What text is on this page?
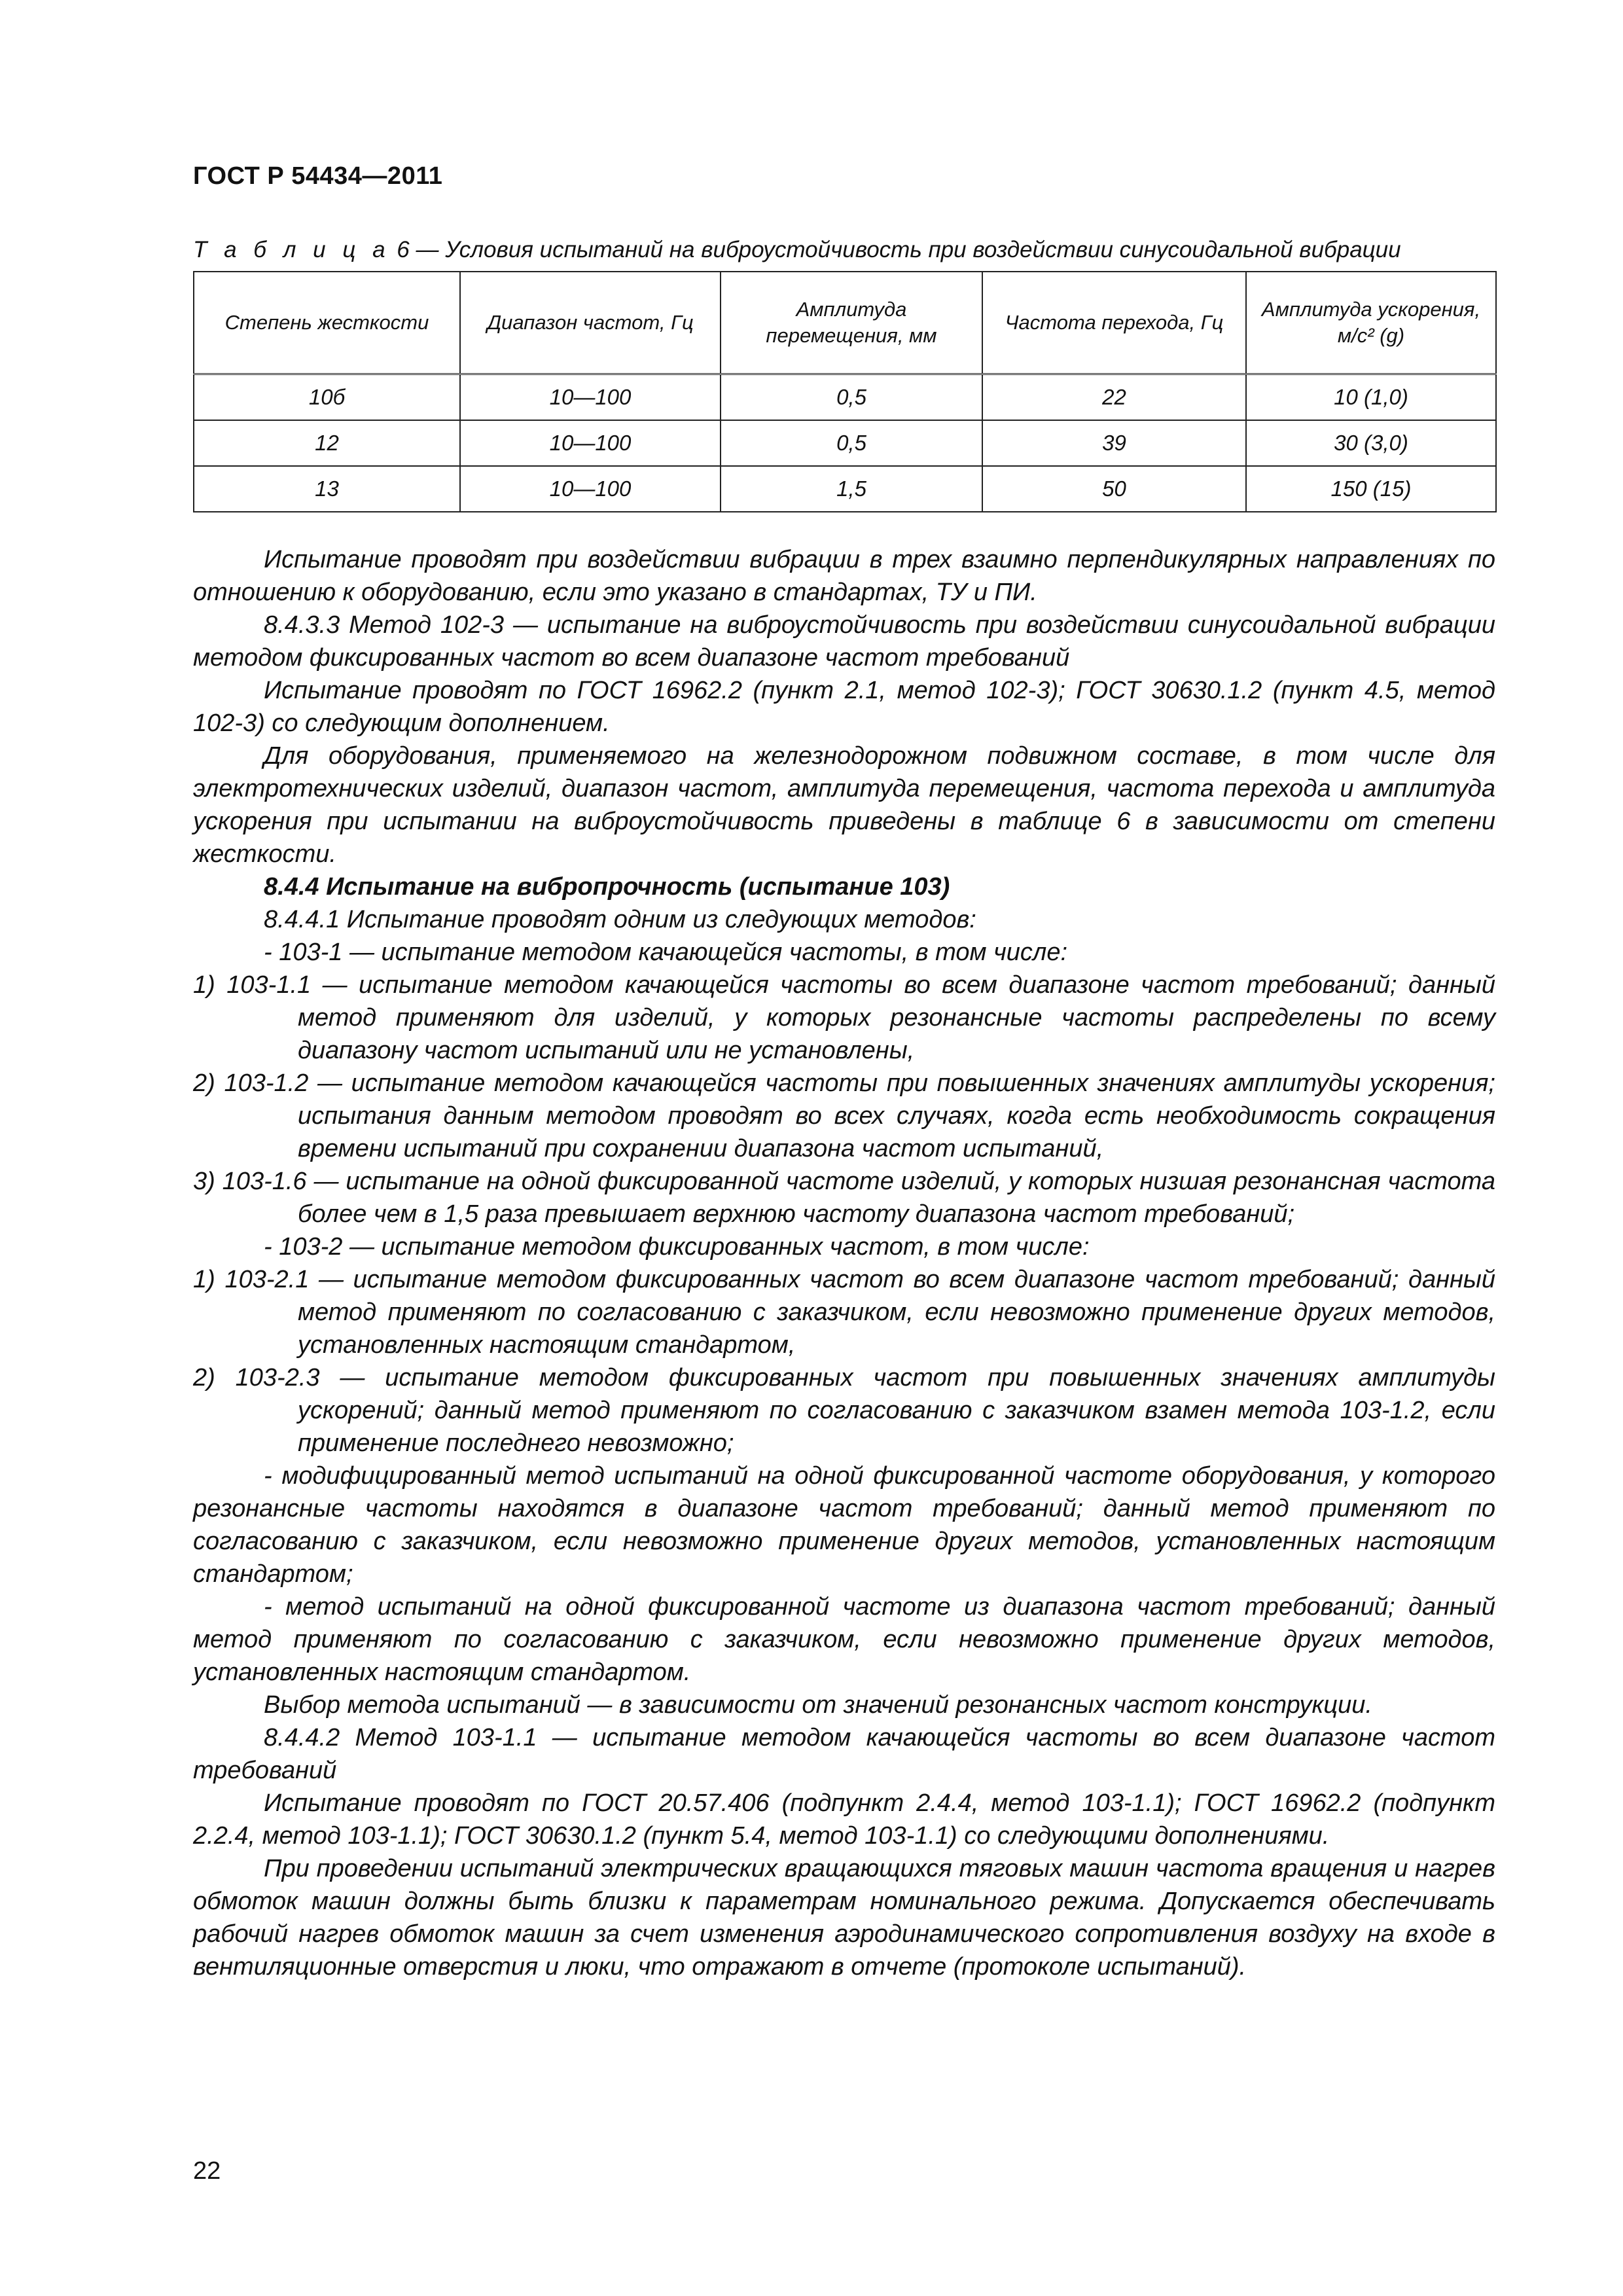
ГОСТ Р 54434—2011
Т а б л и ц а 6 — Условия испытаний на виброустойчивость при воздействии синусоидальной вибрации
Степень жесткости	Диапазон частот, Гц	Амплитуда перемещения, мм	Частота перехода, Гц	Амплитуда ускорения, м/с² (g)
10б	10—100	0,5	22	10 (1,0)
12	10—100	0,5	39	30 (3,0)
13	10—100	1,5	50	150 (15)

Испытание проводят при воздействии вибрации в трех взаимно перпендикулярных направлениях по отношению к оборудованию, если это указано в стандартах, ТУ и ПИ.

8.4.3.3 Метод 102-3 — испытание на виброустойчивость при воздействии синусоидальной вибрации методом фиксированных частот во всем диапазоне частот требований

Испытание проводят по ГОСТ 16962.2 (пункт 2.1, метод 102-3); ГОСТ 30630.1.2 (пункт 4.5, метод 102-3) со следующим дополнением.

Для оборудования, применяемого на железнодорожном подвижном составе, в том числе для электротехнических изделий, диапазон частот, амплитуда перемещения, частота перехода и амплитуда ускорения при испытании на виброустойчивость приведены в таблице 6 в зависимости от степени жесткости.

8.4.4 Испытание на вибропрочность (испытание 103)

8.4.4.1 Испытание проводят одним из следующих методов:

- 103-1 — испытание методом качающейся частоты, в том числе:

1) 103-1.1 — испытание методом качающейся частоты во всем диапазоне частот требований; данный метод применяют для изделий, у которых резонансные частоты распределены по всему диапазону частот испытаний или не установлены,

2) 103-1.2 — испытание методом качающейся частоты при повышенных значениях амплитуды ускорения; испытания данным методом проводят во всех случаях, когда есть необходимость сокращения времени испытаний при сохранении диапазона частот испытаний,

3) 103-1.6 — испытание на одной фиксированной частоте изделий, у которых низшая резонансная частота более чем в 1,5 раза превышает верхнюю частоту диапазона частот требований;

- 103-2 — испытание методом фиксированных частот, в том числе:

1) 103-2.1 — испытание методом фиксированных частот во всем диапазоне частот требований; данный метод применяют по согласованию с заказчиком, если невозможно применение других методов, установленных настоящим стандартом,

2) 103-2.3 — испытание методом фиксированных частот при повышенных значениях амплитуды ускорений; данный метод применяют по согласованию с заказчиком взамен метода 103-1.2, если применение последнего невозможно;

- модифицированный метод испытаний на одной фиксированной частоте оборудования, у которого резонансные частоты находятся в диапазоне частот требований; данный метод применяют по согласованию с заказчиком, если невозможно применение других методов, установленных настоящим стандартом;

- метод испытаний на одной фиксированной частоте из диапазона частот требований; данный метод применяют по согласованию с заказчиком, если невозможно применение других методов, установленных настоящим стандартом.

Выбор метода испытаний — в зависимости от значений резонансных частот конструкции.

8.4.4.2 Метод 103-1.1 — испытание методом качающейся частоты во всем диапазоне частот требований

Испытание проводят по ГОСТ 20.57.406 (подпункт 2.4.4, метод 103-1.1); ГОСТ 16962.2 (подпункт 2.2.4, метод 103-1.1); ГОСТ 30630.1.2 (пункт 5.4, метод 103-1.1) со следующими дополнениями.

При проведении испытаний электрических вращающихся тяговых машин частота вращения и нагрев обмоток машин должны быть близки к параметрам номинального режима. Допускается обеспечивать рабочий нагрев обмоток машин за счет изменения аэродинамического сопротивления воздуху на входе в вентиляционные отверстия и люки, что отражают в отчете (протоколе испытаний).

22
